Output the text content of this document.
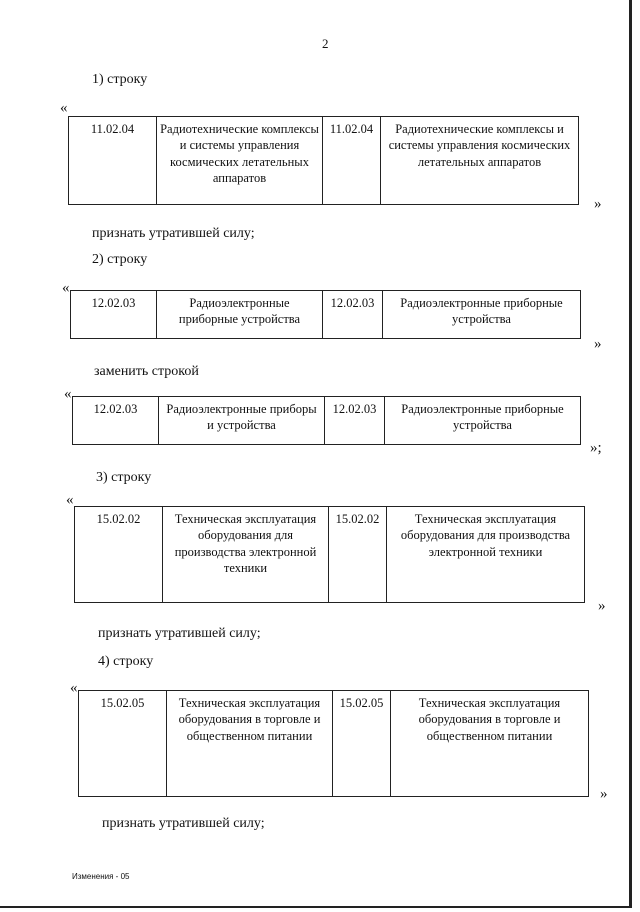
2
1) строку
«
11.02.04	Радиотехнические комплексы и системы управления космических летательных аппаратов	11.02.04	Радиотехнические комплексы и системы управления космических летательных аппаратов
»
признать утратившей силу;
2) строку
«
12.02.03	Радиоэлектронные приборные устройства	12.02.03	Радиоэлектронные приборные устройства
»
заменить строкой
«
12.02.03	Радиоэлектронные приборы и устройства	12.02.03	Радиоэлектронные приборные устройства
»;
3) строку
«
15.02.02	Техническая эксплуатация оборудования для производства электронной техники	15.02.02	Техническая эксплуатация оборудования для производства электронной техники
»
признать утратившей силу;
4) строку
«
15.02.05	Техническая эксплуатация оборудования в торговле и общественном питании	15.02.05	Техническая эксплуатация оборудования в торговле и общественном питании
»
признать утратившей силу;
Изменения - 05
